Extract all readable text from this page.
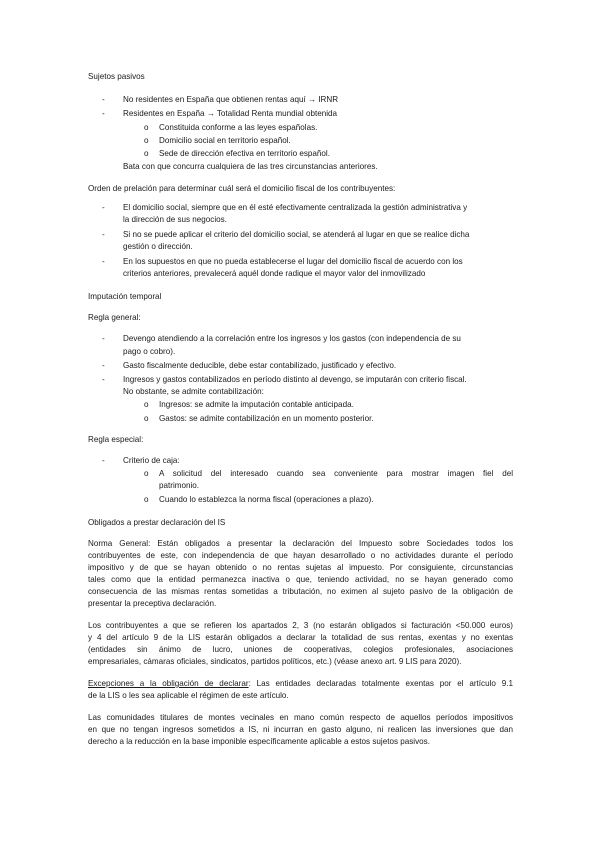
Sujetos pasivos
- No residentes en España que obtienen rentas aquí → IRNR
- Residentes en España → Totalidad Renta mundial obtenida
o Constituida conforme a las leyes españolas.
o Domicilio social en territorio español.
o Sede de dirección efectiva en territorio español.
Bata con que concurra cualquiera de las tres circunstancias anteriores.
Orden de prelación para determinar cuál será el domicilio fiscal de los contribuyentes:
- El domicilio social, siempre que en él esté efectivamente centralizada la gestión administrativa y
la dirección de sus negocios.
- Si no se puede aplicar el criterio del domicilio social, se atenderá al lugar en que se realice dicha
gestión o dirección.
- En los supuestos en que no pueda establecerse el lugar del domicilio fiscal de acuerdo con los
criterios anteriores, prevalecerá aquél donde radique el mayor valor del inmovilizado
Imputación temporal
Regla general:
- Devengo atendiendo a la correlación entre los ingresos y los gastos (con independencia de su
pago o cobro).
- Gasto fiscalmente deducible, debe estar contabilizado, justificado y efectivo.
- Ingresos y gastos contabilizados en período distinto al devengo, se imputarán con criterio fiscal.
No obstante, se admite contabilización:
o Ingresos: se admite la imputación contable anticipada.
o Gastos: se admite contabilización en un momento posterior.
Regla especial:
- Criterio de caja:
o A solicitud del interesado cuando sea conveniente para mostrar imagen fiel del
patrimonio.
o Cuando lo establezca la norma fiscal (operaciones a plazo).
Obligados a prestar declaración del IS
Norma General: Están obligados a presentar la declaración del Impuesto sobre Sociedades todos los
contribuyentes de este, con independencia de que hayan desarrollado o no actividades durante el período
impositivo y de que se hayan obtenido o no rentas sujetas al impuesto. Por consiguiente, circunstancias
tales como que la entidad permanezca inactiva o que, teniendo actividad, no se hayan generado como
consecuencia de las mismas rentas sometidas a tributación, no eximen al sujeto pasivo de la obligación de
presentar la preceptiva declaración.
Los contribuyentes a que se refieren los apartados 2, 3 (no estarán obligados si facturación <50.000 euros)
y 4 del artículo 9 de la LIS estarán obligados a declarar la totalidad de sus rentas, exentas y no exentas
(entidades sin ánimo de lucro, uniones de cooperativas, colegios profesionales, asociaciones
empresariales, cámaras oficiales, sindicatos, partidos políticos, etc.) (véase anexo art. 9 LIS para 2020).
Excepciones a la obligación de declarar: Las entidades declaradas totalmente exentas por el artículo 9.1
de la LIS o les sea aplicable el régimen de este artículo.
Las comunidades titulares de montes vecinales en mano común respecto de aquellos períodos impositivos
en que no tengan ingresos sometidos a IS, ni incurran en gasto alguno, ni realicen las inversiones que dan
derecho a la reducción en la base imponible específicamente aplicable a estos sujetos pasivos.
